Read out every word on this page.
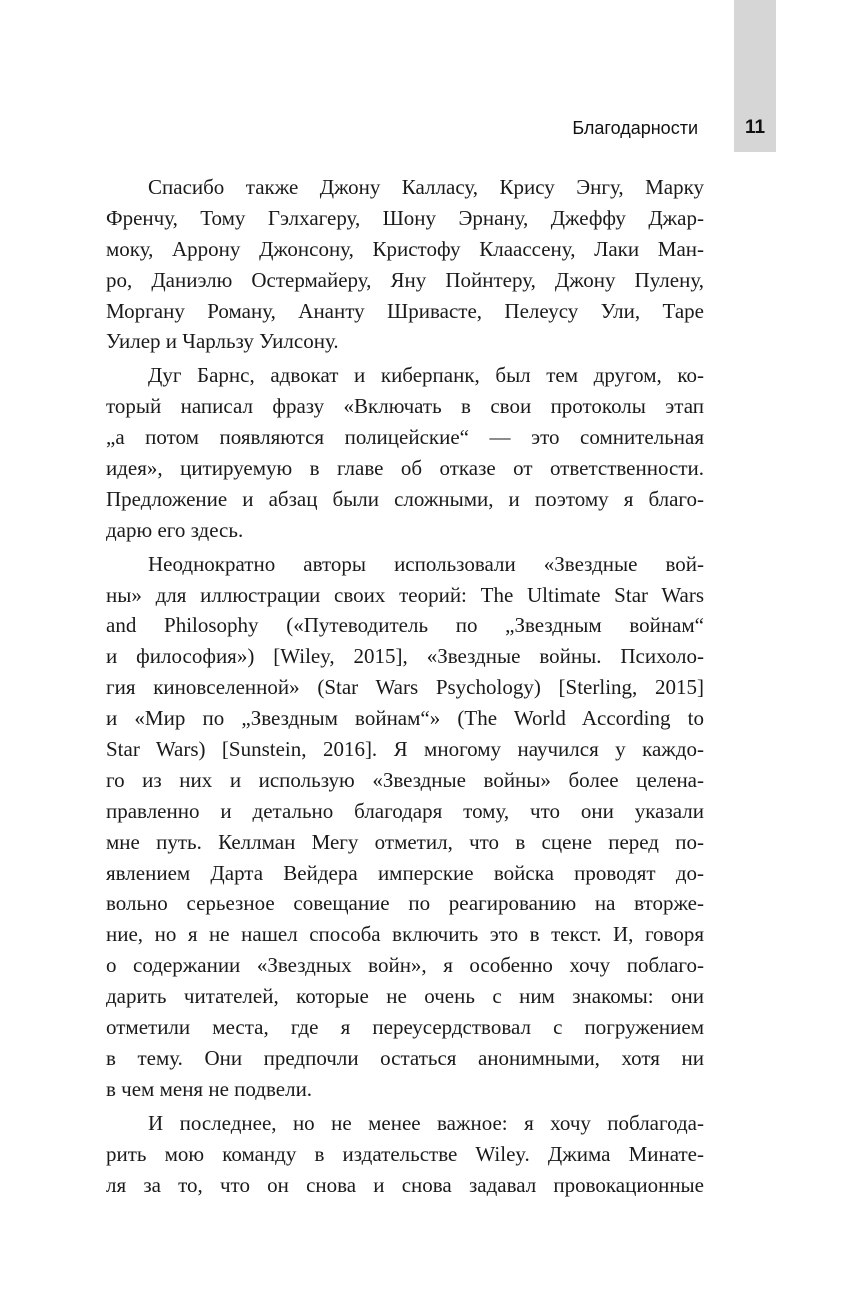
11
Благодарности
Спасибо также Джону Калласу, Крису Энгу, Марку
Френчу, Тому Гэлхагеру, Шону Эрнану, Джеффу Джар-
моку, Аррону Джонсону, Кристофу Клаассену, Лаки Ман-
ро, Даниэлю Остермайеру, Яну Пойнтеру, Джону Пулену,
Моргану Роману, Ананту Шривасте, Пелеусу Ули, Таре
Уилер и Чарльзу Уилсону.
Дуг Барнс, адвокат и киберпанк, был тем другом, ко-
торый написал фразу «Включать в свои протоколы этап
„а потом появляются полицейские“ — это сомнительная
идея», цитируемую в главе об отказе от ответственности.
Предложение и абзац были сложными, и поэтому я благо-
дарю его здесь.
Неоднократно авторы использовали «Звездные вой-
ны» для иллюстрации своих теорий: The Ultimate Star Wars
and Philosophy («Путеводитель по „Звездным войнам“
и философия») [Wiley, 2015], «Звездные войны. Психоло-
гия киновселенной» (Star Wars Psychology) [Sterling, 2015]
и «Мир по „Звездным войнам“» (The World According to
Star Wars) [Sunstein, 2016]. Я многому научился у каждо-
го из них и использую «Звездные войны» более целена-
правленно и детально благодаря тому, что они указали
мне путь. Келлман Мегу отметил, что в сцене перед по-
явлением Дарта Вейдера имперские войска проводят до-
вольно серьезное совещание по реагированию на вторже-
ние, но я не нашел способа включить это в текст. И, говоря
о содержании «Звездных войн», я особенно хочу поблаго-
дарить читателей, которые не очень с ним знакомы: они
отметили места, где я переусердствовал с погружением
в тему. Они предпочли остаться анонимными, хотя ни
в чем меня не подвели.
И последнее, но не менее важное: я хочу поблагода-
рить мою команду в издательстве Wiley. Джима Минате-
ля за то, что он снова и снова задавал провокационные
